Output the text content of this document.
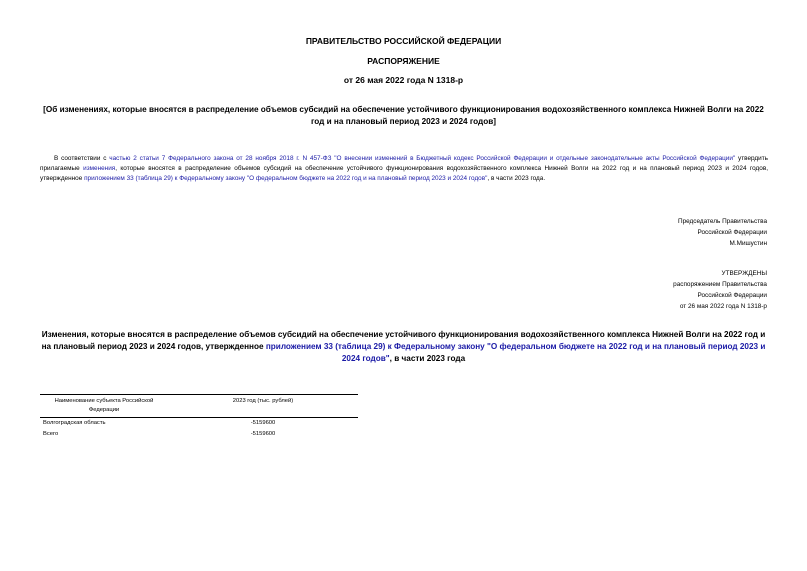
ПРАВИТЕЛЬСТВО РОССИЙСКОЙ ФЕДЕРАЦИИ
РАСПОРЯЖЕНИЕ
от 26 мая 2022 года N 1318-р
[Об изменениях, которые вносятся в распределение объемов субсидий на обеспечение устойчивого функционирования водохозяйственного комплекса Нижней Волги на 2022 год и на плановый период 2023 и 2024 годов]
В соответствии с частью 2 статьи 7 Федерального закона от 28 ноября 2018 г. N 457-ФЗ "О внесении изменений в Бюджетный кодекс Российской Федерации и отдельные законодательные акты Российской Федерации" утвердить прилагаемые изменения, которые вносятся в распределение объемов субсидий на обеспечение устойчивого функционирования водохозяйственного комплекса Нижней Волги на 2022 год и на плановый период 2023 и 2024 годов, утвержденное приложением 33 (таблица 29) к Федеральному закону "О федеральном бюджете на 2022 год и на плановый период 2023 и 2024 годов", в части 2023 года.
Председатель Правительства
Российской Федерации
М.Мишустин
УТВЕРЖДЕНЫ
распоряжением Правительства
Российской Федерации
от 26 мая 2022 года N 1318-р
Изменения, которые вносятся в распределение объемов субсидий на обеспечение устойчивого функционирования водохозяйственного комплекса Нижней Волги на 2022 год и на плановый период 2023 и 2024 годов, утвержденное приложением 33 (таблица 29) к Федеральному закону "О федеральном бюджете на 2022 год и на плановый период 2023 и 2024 годов", в части 2023 года
Наименование субъекта Российской Федерации	2023 год (тыс. рублей)
Волгоградская область	-5159600
Всего	-5159600
